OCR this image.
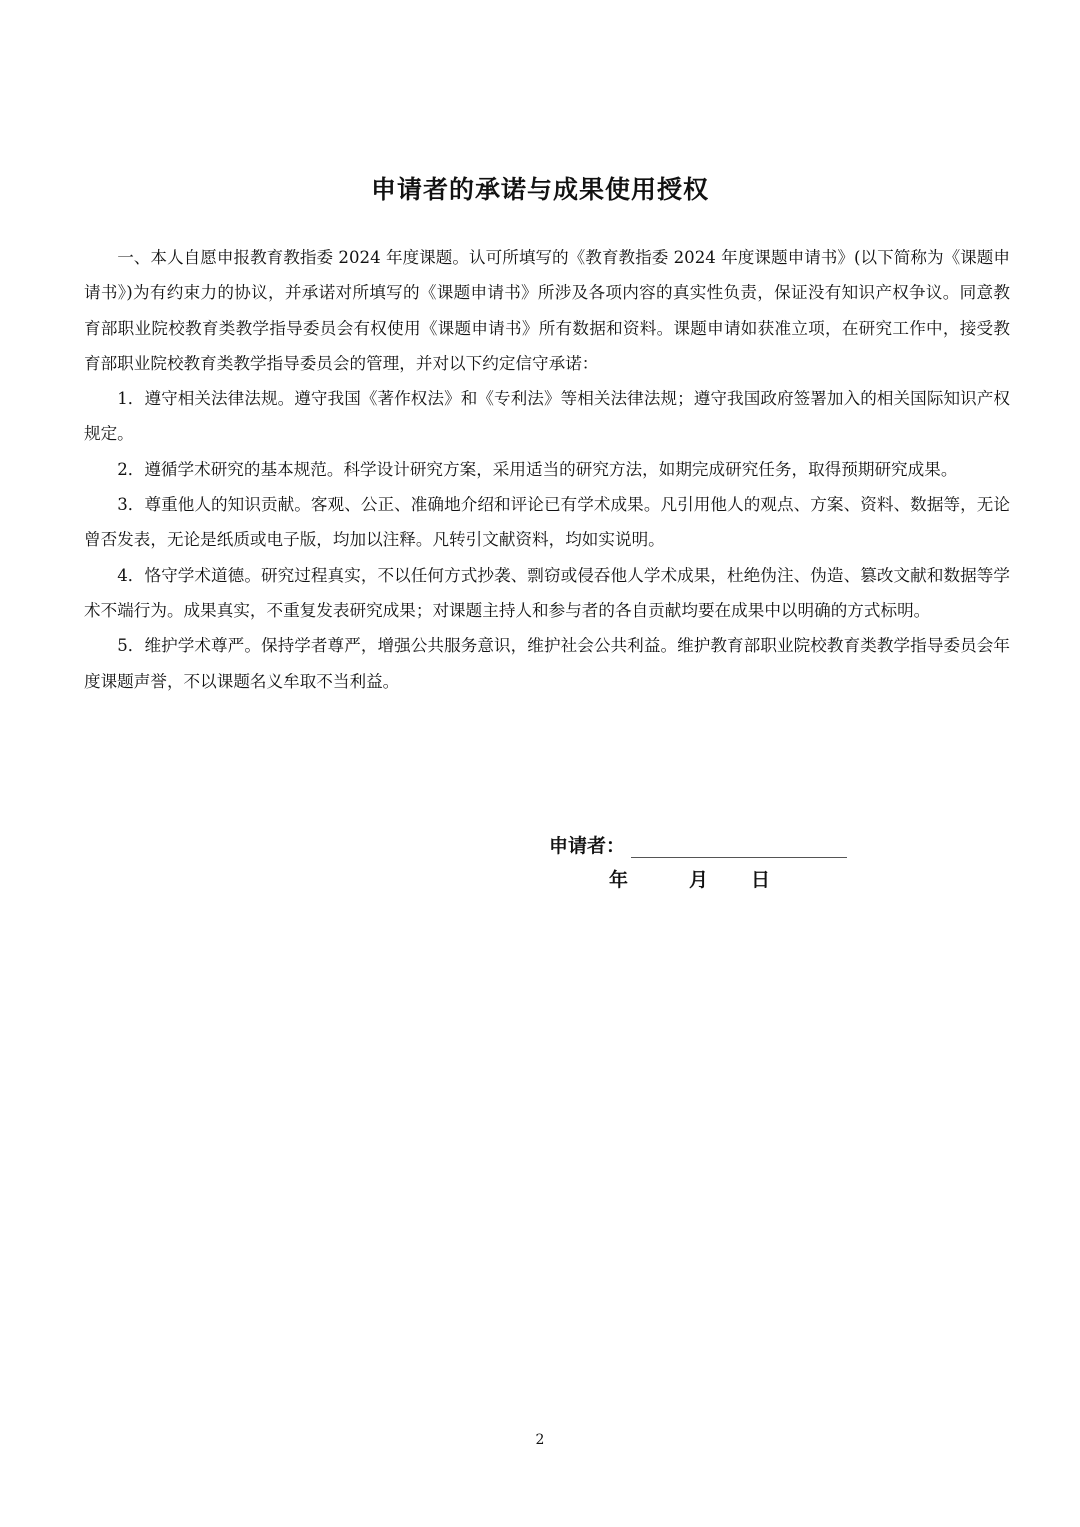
申请者的承诺与成果使用授权

一、本人自愿申报教育教指委 2024 年度课题。认可所填写的《教育教指委 2024 年度课题申请书》(以下简称为《课题申请书》)为有约束力的协议，并承诺对所填写的《课题申请书》所涉及各项内容的真实性负责，保证没有知识产权争议。同意教育部职业院校教育类教学指导委员会有权使用《课题申请书》所有数据和资料。课题申请如获准立项，在研究工作中，接受教育部职业院校教育类教学指导委员会的管理，并对以下约定信守承诺：

1．遵守相关法律法规。遵守我国《著作权法》和《专利法》等相关法律法规；遵守我国政府签署加入的相关国际知识产权规定。

2．遵循学术研究的基本规范。科学设计研究方案，采用适当的研究方法，如期完成研究任务，取得预期研究成果。

3．尊重他人的知识贡献。客观、公正、准确地介绍和评论已有学术成果。凡引用他人的观点、方案、资料、数据等，无论曾否发表，无论是纸质或电子版，均加以注释。凡转引文献资料，均如实说明。

4．恪守学术道德。研究过程真实，不以任何方式抄袭、剽窃或侵吞他人学术成果，杜绝伪注、伪造、篡改文献和数据等学术不端行为。成果真实，不重复发表研究成果；对课题主持人和参与者的各自贡献均要在成果中以明确的方式标明。

5．维护学术尊严。保持学者尊严，增强公共服务意识，维护社会公共利益。维护教育部职业院校教育类教学指导委员会年度课题声誉，不以课题名义牟取不当利益。

申请者：
年	月	日
2
